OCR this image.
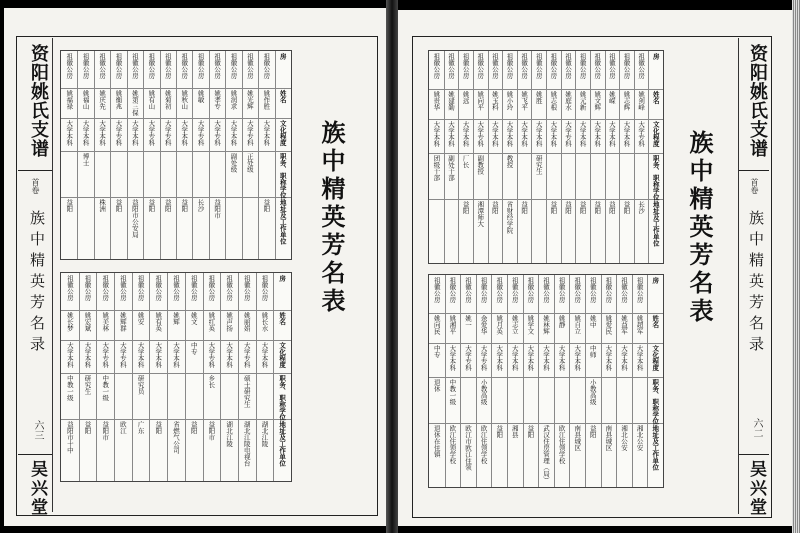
资阳姚氏支谱
首卷
族中精英芳名录
六三
吴兴堂
房
姓名
文化程度
职务、职称学位
地址及工作单位
祖徽公房
姚作胜
大学本科
益阳
祖徽公房
姚光辉
大学专科
正处级
祖徽公房
姚润求
大学本科
副处级
祖徽公房
姚孝专
大学专科
益阳市
祖徽公房
姚敏
大学专科
长沙
祖徽公房
姚秋山
大学本科
益阳
祖徽公房
姚菊初
大学专科
益阳
祖徽公房
姚有山
大学专科
益阳
祖徽公房
姚第三保
大学本科
益阳市公安局
祖徽公房
姚衡兆
大学专科
益阳
祖徽公房
姚庆先
大学本科
株洲
祖徽公房
姚福山
大学本科
博士
祖徽公房
姚福禄
大学本科
益阳
房
姓名
文化程度
职务、职称学位
地址及工作单位
祖徽公房
姚长水
大学本科
湖北江陵
祖徽公房
姚丽娟
大学专科
硕士研究生
湖北江陵电视台
祖徽公房
姚声扬
大学本科
湖北江陵
祖徽公房
姚红英
大学专科
乡长
益阳市
祖徽公房
姚文
中专
益阳
祖徽公房
姚辉
大学本科
省燃气公司
祖徽公房
姚有英
大学本科
益阳
祖徽公房
姚安
大学本科
研究员
广东
祖徽公房
姚辉群
大学专科
欧江
祖徽公房
姚美林
大学专科
中教一级
益阳市
祖徽公房
姚宏斌
大学本科
研究生
益阳
祖徽公房
姚长梦
大学本科
中教一级
益阳市十中
族中精英芳名表
资阳姚氏支谱
首卷
族中精英芳名录
六二
吴兴堂
房
姓名
文化程度
职务、职称学位
地址及工作单位
祖徽公房
姚剑峰
大学专科
长沙
祖徽公房
姚志辉
大学本科
益阳
祖徽公房
姚嵘
大学本科
益阳
祖徽公房
姚文辉
大学本科
益阳
祖徽公房
姚元新
大学本科
益阳
祖徽公房
姚庭水
大学专科
益阳
祖徽公房
姚志根
大学本科
益阳
祖徽公房
姚胜
大学本科
研究生
祖徽公房
姚飞平
大学本科
益阳
祖徽公房
姚小玲
大学本科
教授
省财经学院
祖徽公房
姚玉科
大学本科
益阳
祖徽公房
姚向平
大学专科
副教授
湘潭师大
祖徽公房
姚远
大学本科
厂长
益阳
祖徽公房
姚建勤
大学本科
副处干部
祖徽公房
姚贵华
大学本科
团级干部
房
姓名
文化程度
职务、职称学位
地址及工作单位
祖徽公房
姚超军
大学本科
湘北公安
祖徽公房
姚益军
大学本科
湘北公安
祖徽公房
姚爱民
大学本科
南县城区
祖徽公房
姚中
中师
小教高级
益阳
祖徽公房
姚自立
大学本科
南县城区
祖徽公房
姚静
大学本科
欧江住领学校
祖徽公房
姚林辉
大学本科
武汉住房管理（局）
祖徽公房
姚学文
大学本科
益阳
祖徽公房
姚志立
大学本科
湘县
祖徽公房
姚月英
大学本科
益阳
祖徽公房
余爱华
大学专科
小教高级
欧江住领学校
祖徽公房
姚一
大学专科
欧江市欧江住领
祖徽公房
姚湘平
大学本科
中教一级
欧江住领学校
祖徽公房
姚向民
中专
退休
退休在住镇
族中精英芳名表
